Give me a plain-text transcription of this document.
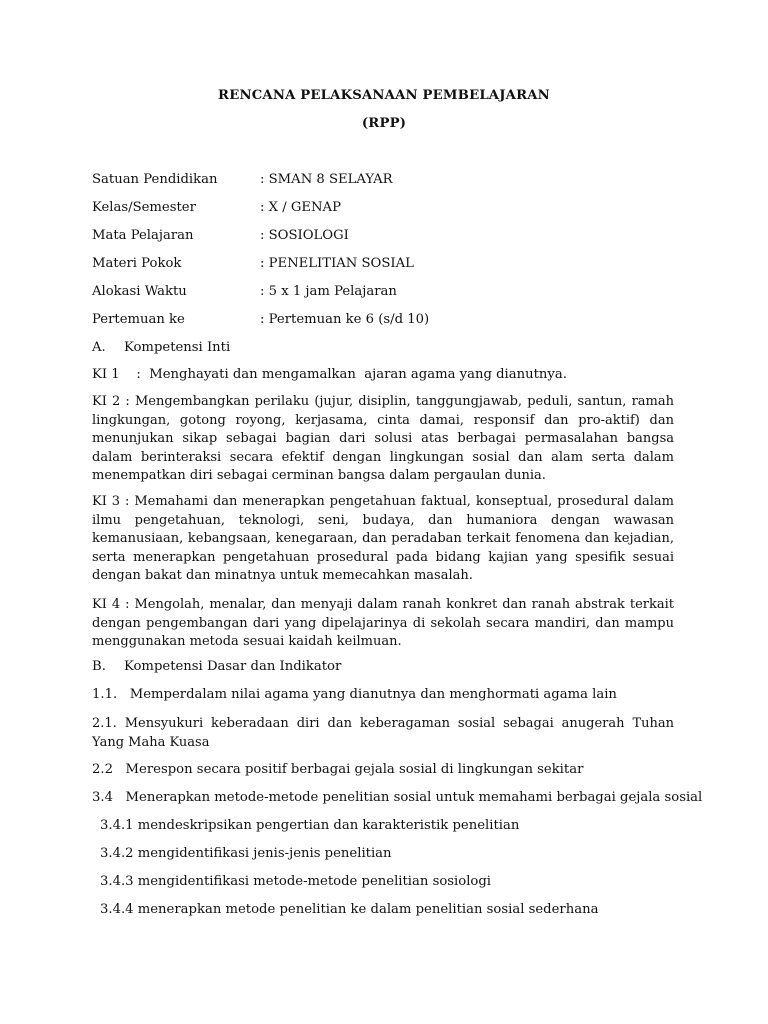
RENCANA PELAKSANAAN PEMBELAJARAN
(RPP)
Satuan Pendidikan	: SMAN 8 SELAYAR
Kelas/Semester	: X / GENAP
Mata Pelajaran	: SOSIOLOGI
Materi Pokok	: PENELITIAN SOSIAL
Alokasi Waktu	: 5 x 1 jam Pelajaran
Pertemuan ke	: Pertemuan ke 6 (s/d 10)
A. Kompetensi Inti
KI 1    :  Menghayati dan mengamalkan  ajaran agama yang dianutnya.
KI 2 : Mengembangkan perilaku (jujur, disiplin, tanggungjawab, peduli, santun, ramah lingkungan, gotong royong, kerjasama, cinta damai, responsif dan pro-aktif) dan menunjukan sikap sebagai bagian dari solusi atas berbagai permasalahan bangsa dalam berinteraksi secara efektif dengan lingkungan sosial dan alam serta dalam menempatkan diri sebagai cerminan bangsa dalam pergaulan dunia.
KI 3 : Memahami dan menerapkan pengetahuan faktual, konseptual, prosedural dalam ilmu pengetahuan, teknologi, seni, budaya, dan humaniora dengan wawasan kemanusiaan, kebangsaan, kenegaraan, dan peradaban terkait fenomena dan kejadian, serta menerapkan pengetahuan prosedural pada bidang kajian yang spesifik sesuai dengan bakat dan minatnya untuk memecahkan masalah.
KI 4 : Mengolah, menalar, dan menyaji dalam ranah konkret dan ranah abstrak terkait dengan pengembangan dari yang dipelajarinya di sekolah secara mandiri, dan mampu menggunakan metoda sesuai kaidah keilmuan.
B. Kompetensi Dasar dan Indikator
1.1.   Memperdalam nilai agama yang dianutnya dan menghormati agama lain
2.1. Mensyukuri keberadaan diri dan keberagaman sosial sebagai anugerah Tuhan Yang Maha Kuasa
2.2   Merespon secara positif berbagai gejala sosial di lingkungan sekitar
3.4   Menerapkan metode-metode penelitian sosial untuk memahami berbagai gejala sosial
3.4.1 mendeskripsikan pengertian dan karakteristik penelitian
3.4.2 mengidentifikasi jenis-jenis penelitian
3.4.3 mengidentifikasi metode-metode penelitian sosiologi
3.4.4 menerapkan metode penelitian ke dalam penelitian sosial sederhana
